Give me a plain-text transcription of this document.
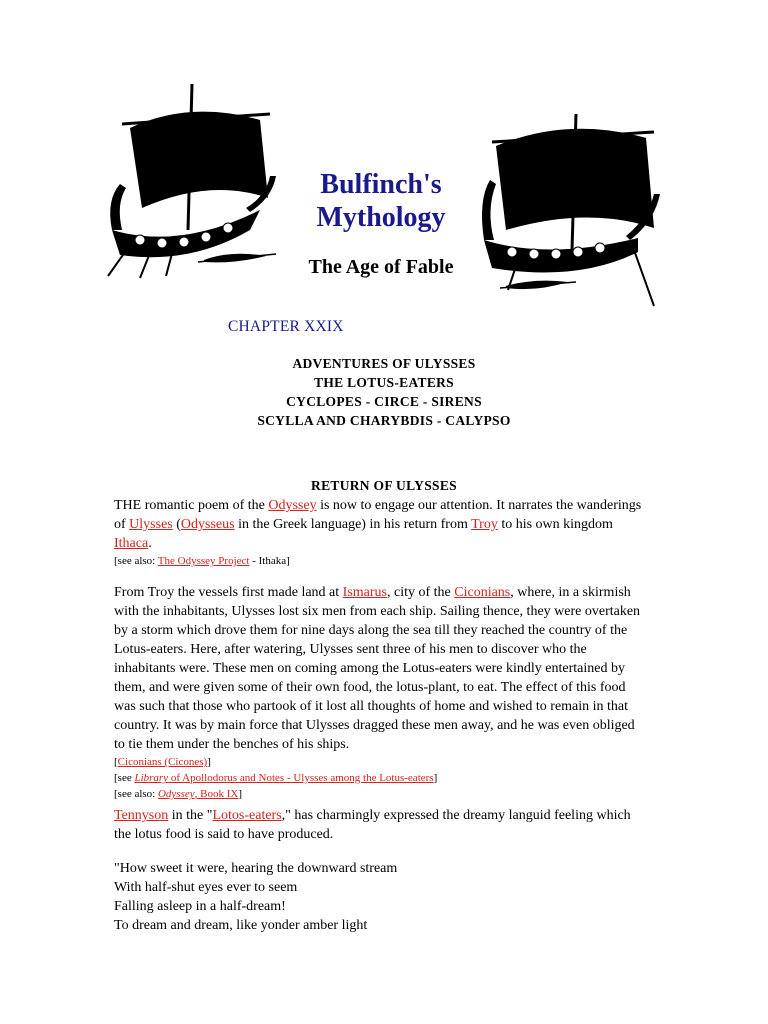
Bulfinch's
Mythology
The Age of Fable
CHAPTER XXIX
ADVENTURES OF ULYSSES
THE LOTUS-EATERS
CYCLOPES - CIRCE - SIRENS
SCYLLA AND CHARYBDIS - CALYPSO
RETURN OF ULYSSES
THE romantic poem of the Odyssey is now to engage our attention. It narrates the wanderings of Ulysses (Odysseus in the Greek language) in his return from Troy to his own kingdom Ithaca.
[see also: The Odyssey Project - Ithaka]
From Troy the vessels first made land at Ismarus, city of the Ciconians, where, in a skirmish with the inhabitants, Ulysses lost six men from each ship. Sailing thence, they were overtaken by a storm which drove them for nine days along the sea till they reached the country of the Lotus-eaters. Here, after watering, Ulysses sent three of his men to discover who the inhabitants were. These men on coming among the Lotus-eaters were kindly entertained by them, and were given some of their own food, the lotus-plant, to eat. The effect of this food was such that those who partook of it lost all thoughts of home and wished to remain in that country. It was by main force that Ulysses dragged these men away, and he was even obliged to tie them under the benches of his ships.
[Ciconians (Cicones)]
[see Library of Apollodorus and Notes - Ulysses among the Lotus-eaters]
[see also: Odyssey, Book IX]
Tennyson in the "Lotos-eaters," has charmingly expressed the dreamy languid feeling which the lotus food is said to have produced.
"How sweet it were, hearing the downward stream
With half-shut eyes ever to seem
Falling asleep in a half-dream!
To dream and dream, like yonder amber light
